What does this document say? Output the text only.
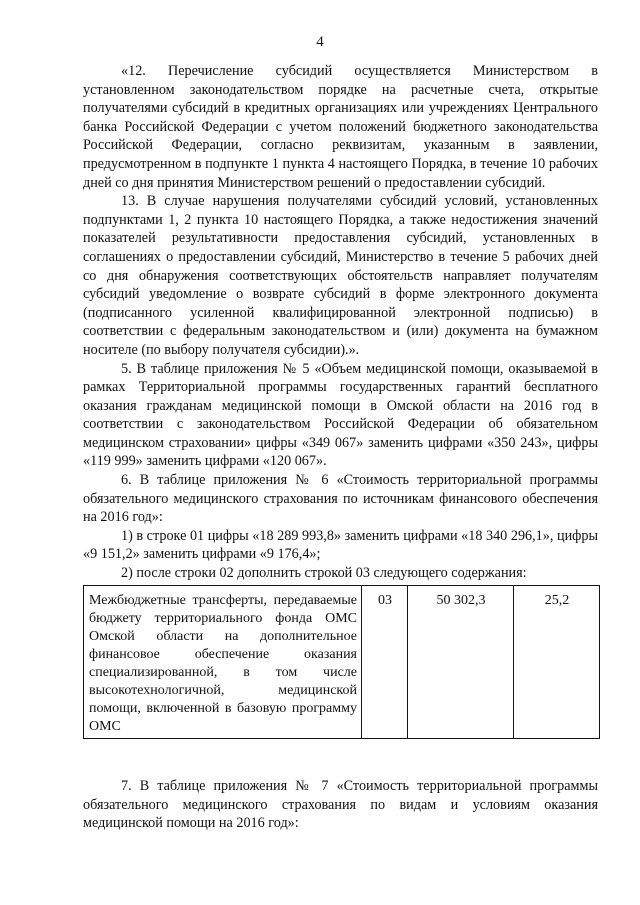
4

«12. Перечисление субсидий осуществляется Министерством в установленном законодательством порядке на расчетные счета, открытые получателями субсидий в кредитных организациях или учреждениях Центрального банка Российской Федерации с учетом положений бюджетного законодательства Российской Федерации, согласно реквизитам, указанным в заявлении, предусмотренном в подпункте 1 пункта 4 настоящего Порядка, в течение 10 рабочих дней со дня принятия Министерством решений о предоставлении субсидий.

13. В случае нарушения получателями субсидий условий, установленных подпунктами 1, 2 пункта 10 настоящего Порядка, а также недостижения значений показателей результативности предоставления субсидий, установленных в соглашениях о предоставлении субсидий, Министерство в течение 5 рабочих дней со дня обнаружения соответствующих обстоятельств направляет получателям субсидий уведомление о возврате субсидий в форме электронного документа (подписанного усиленной квалифицированной электронной подписью) в соответствии с федеральным законодательством и (или) документа на бумажном носителе (по выбору получателя субсидии).».

5. В таблице приложения № 5 «Объем медицинской помощи, оказываемой в рамках Территориальной программы государственных гарантий бесплатного оказания гражданам медицинской помощи в Омской области на 2016 год в соответствии с законодательством Российской Федерации об обязательном медицинском страховании» цифры «349 067» заменить цифрами «350 243», цифры «119 999» заменить цифрами «120 067».

6. В таблице приложения № 6 «Стоимость территориальной программы обязательного медицинского страхования по источникам финансового обеспечения на 2016 год»:

1) в строке 01 цифры «18 289 993,8» заменить цифрами «18 340 296,1», цифры «9 151,2» заменить цифрами «9 176,4»;

2) после строки 02 дополнить строкой 03 следующего содержания:

Межбюджетные трансферты, передаваемые бюджету территориального фонда ОМС Омской области на дополнительное финансовое обеспечение оказания специализированной, в том числе высокотехнологичной, медицинской помощи, включенной в базовую программу ОМС	03	50 302,3	25,2

7. В таблице приложения № 7 «Стоимость территориальной программы обязательного медицинского страхования по видам и условиям оказания медицинской помощи на 2016 год»:
